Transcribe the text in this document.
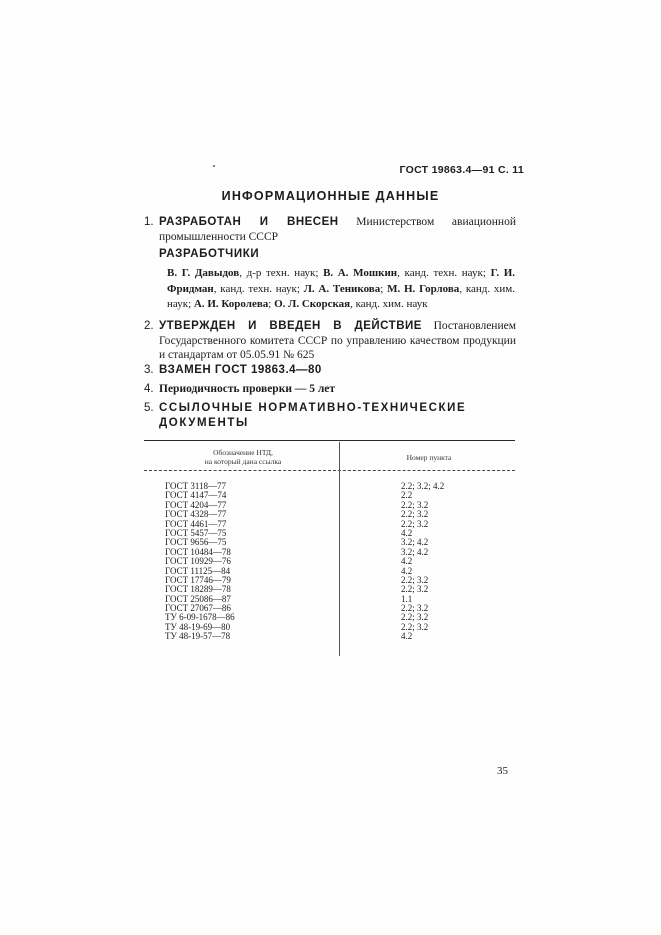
ГОСТ 19863.4—91 С. 11
ИНФОРМАЦИОННЫЕ ДАННЫЕ
1. РАЗРАБОТАН И ВНЕСЕН Министерством авиационной промышленности СССР
РАЗРАБОТЧИКИ
В. Г. Давыдов, д-р техн. наук; В. А. Мошкин, канд. техн. наук; Г. И. Фридман, канд. техн. наук; Л. А. Теникова; М. Н. Горлова, канд. хим. наук; А. И. Королева; О. Л. Скорская, канд. хим. наук
2. УТВЕРЖДЕН И ВВЕДЕН В ДЕЙСТВИЕ Постановлением Государственного комитета СССР по управлению качеством продукции и стандартам от 05.05.91 № 625
3. ВЗАМЕН ГОСТ 19863.4—80
4. Периодичность проверки — 5 лет
5. ССЫЛОЧНЫЕ НОРМАТИВНО-ТЕХНИЧЕСКИЕ ДОКУМЕНТЫ
Обозначение НТД,
на который дана ссылка	Номер пункта
ГОСТ 3118—77
ГОСТ 4147—74
ГОСТ 4204—77
ГОСТ 4328—77
ГОСТ 4461—77
ГОСТ 5457—75
ГОСТ 9656—75
ГОСТ 10484—78
ГОСТ 10929—76
ГОСТ 11125—84
ГОСТ 17746—79
ГОСТ 18289—78
ГОСТ 25086—87
ГОСТ 27067—86
ТУ 6-09-1678—86
ТУ 48-19-69—80
ТУ 48-19-57—78
2.2; 3.2; 4.2
2.2
2.2; 3.2
2.2; 3.2
2.2; 3.2
4.2
3.2; 4.2
3.2; 4.2
4.2
4.2
2.2; 3.2
2.2; 3.2
1.1
2.2; 3.2
2.2; 3.2
2.2; 3.2
4.2
35
